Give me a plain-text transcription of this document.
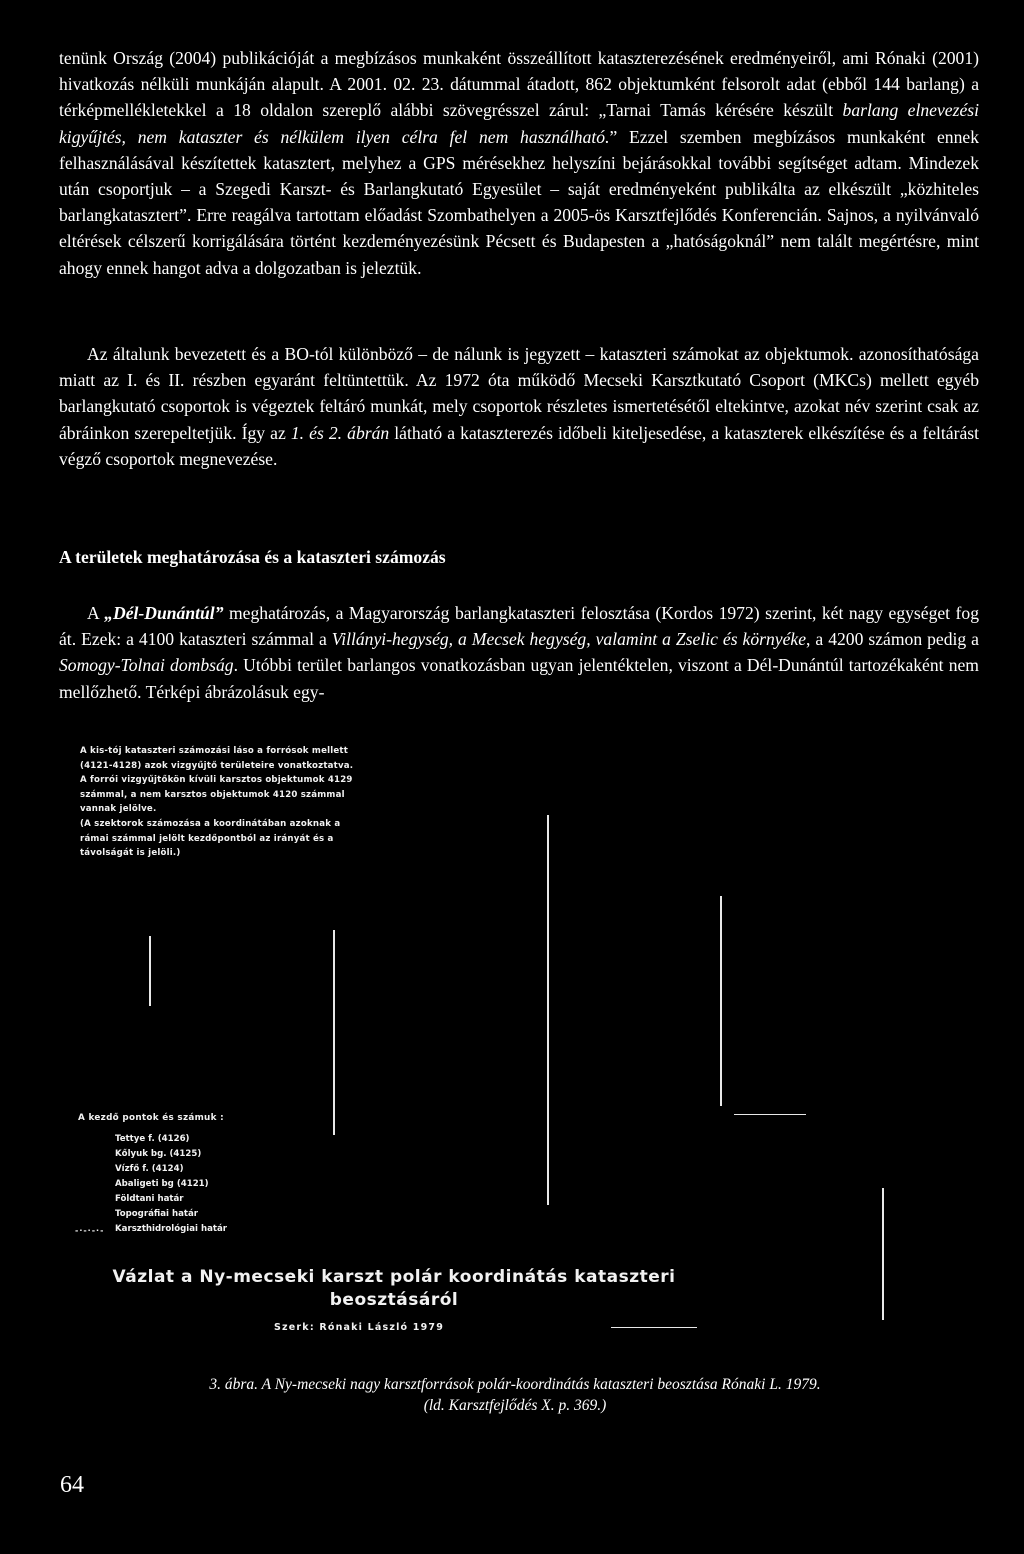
tenünk Ország (2004) publikációját a megbízásos munkaként összeállított kataszterezésének eredményeiről, ami Rónaki (2001) hivatkozás nélküli munkáján alapult. A 2001. 02. 23. dátummal átadott, 862 objektumként felsorolt adat (ebből 144 barlang) a térképmellékletekkel a 18 oldalon szereplő alábbi szövegrésszel zárul: „Tarnai Tamás kérésére készült barlang elnevezési kigyűjtés, nem kataszter és nélkülem ilyen célra fel nem használható.” Ezzel szemben megbízásos munkaként ennek felhasználásával készítettek katasztert, melyhez a GPS mérésekhez helyszíni bejárásokkal további segítséget adtam. Mindezek után csoportjuk – a Szegedi Karszt- és Barlangkutató Egyesület – saját eredményeként publikálta az elkészült „közhiteles barlangkatasztert”. Erre reagálva tartottam előadást Szombathelyen a 2005-ös Karsztfejlődés Konferencián. Sajnos, a nyilvánvaló eltérések célszerű korrigálására történt kezdeményezésünk Pécsett és Budapesten a „hatóságoknál” nem talált megértésre, mint ahogy ennek hangot adva a dolgozatban is jeleztük.

Az általunk bevezetett és a BO-tól különböző – de nálunk is jegyzett – kataszteri számokat az objektumok. azonosíthatósága miatt az I. és II. részben egyaránt feltüntettük. Az 1972 óta működő Mecseki Karsztkutató Csoport (MKCs) mellett egyéb barlangkutató csoportok is végeztek feltáró munkát, mely csoportok részletes ismertetésétől eltekintve, azokat név szerint csak az ábráinkon szerepeltetjük. Így az 1. és 2. ábrán látható a kataszterezés időbeli kiteljesedése, a kataszterek elkészítése és a feltárást végző csoportok megnevezése.

A területek meghatározása és a kataszteri számozás

A „Dél-Dunántúl” meghatározás, a Magyarország barlangkataszteri felosztása (Kordos 1972) szerint, két nagy egységet fog át. Ezek: a 4100 kataszteri számmal a Villányi-hegység, a Mecsek hegység, valamint a Zselic és környéke, a 4200 számon pedig a Somogy-Tolnai dombság. Utóbbi terület barlangos vonatkozásban ugyan jelentéktelen, viszont a Dél-Dunántúl tartozékaként nem mellőzhető. Térképi ábrázolásuk egy-

A kis-tój kataszteri számozási láso a forrósok mellett
(4121-4128) azok vizgyűjtő területeire vonatkoztatva.
A forrói vizgyűjtőkön kívüli karsztos objektumok 4129
számmal, a nem karsztos objektumok 4120 számmal
vannak jelölve.
(A szektorok számozása a koordinátában azoknak a
rámai számmal jelölt kezdőpontból az irányát és a
távolságát is jelöli.)
A kezdő pontok és számuk :
Tettye f. (4126)
Kőlyuk bg. (4125)
Vízfő f. (4124)
Abaligeti bg (4121)
Földtani határ
Topográfiai határ
Karszthidrológiai határ
-·-·-·-
Vázlat a Ny-mecseki karszt polár koordinátás kataszteri
beosztásáról
Szerk: Rónaki László 1979

3. ábra. A Ny-mecseki nagy karsztforrások polár-koordinátás kataszteri beosztása Rónaki L. 1979.
(ld. Karsztfejlődés X. p. 369.)

64
